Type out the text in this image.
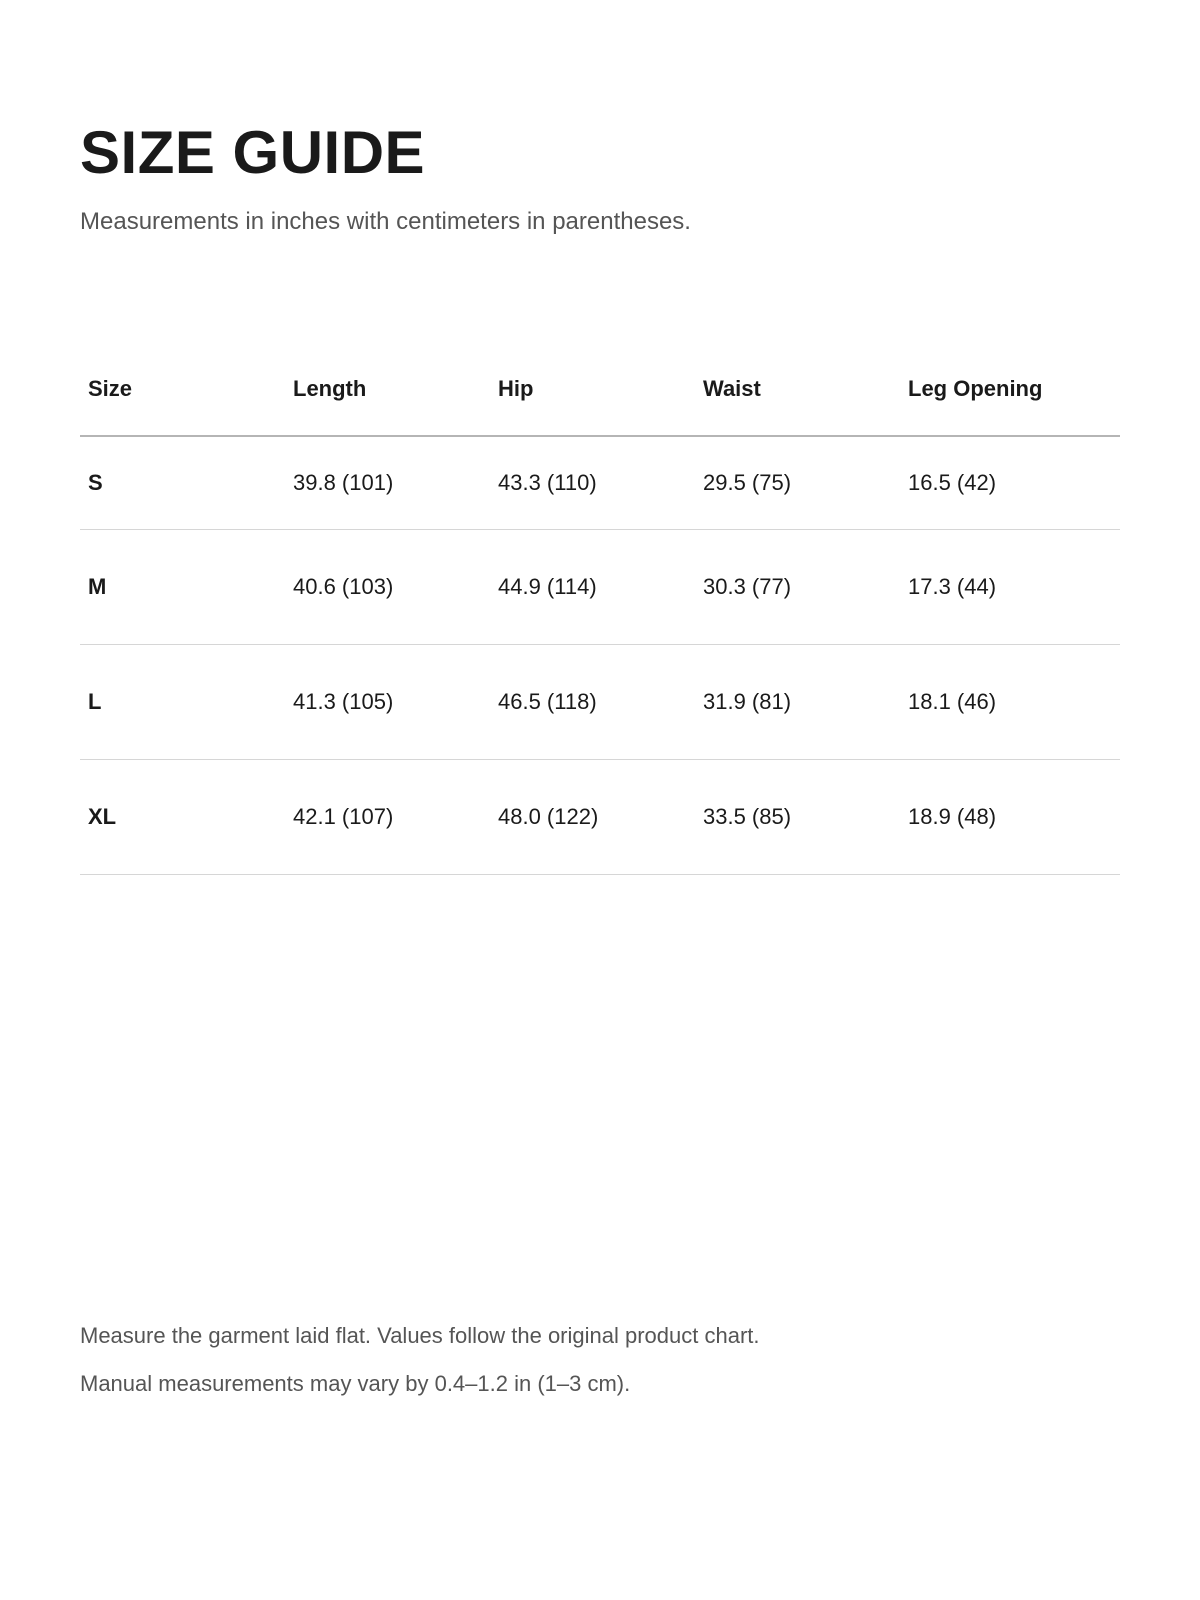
SIZE GUIDE

Measurements in inches with centimeters in parentheses.

Size	Length	Hip	Waist	Leg Opening
S	39.8 (101)	43.3 (110)	29.5 (75)	16.5 (42)
M	40.6 (103)	44.9 (114)	30.3 (77)	17.3 (44)
L	41.3 (105)	46.5 (118)	31.9 (81)	18.1 (46)
XL	42.1 (107)	48.0 (122)	33.5 (85)	18.9 (48)

Measure the garment laid flat. Values follow the original product chart.

Manual measurements may vary by 0.4–1.2 in (1–3 cm).
